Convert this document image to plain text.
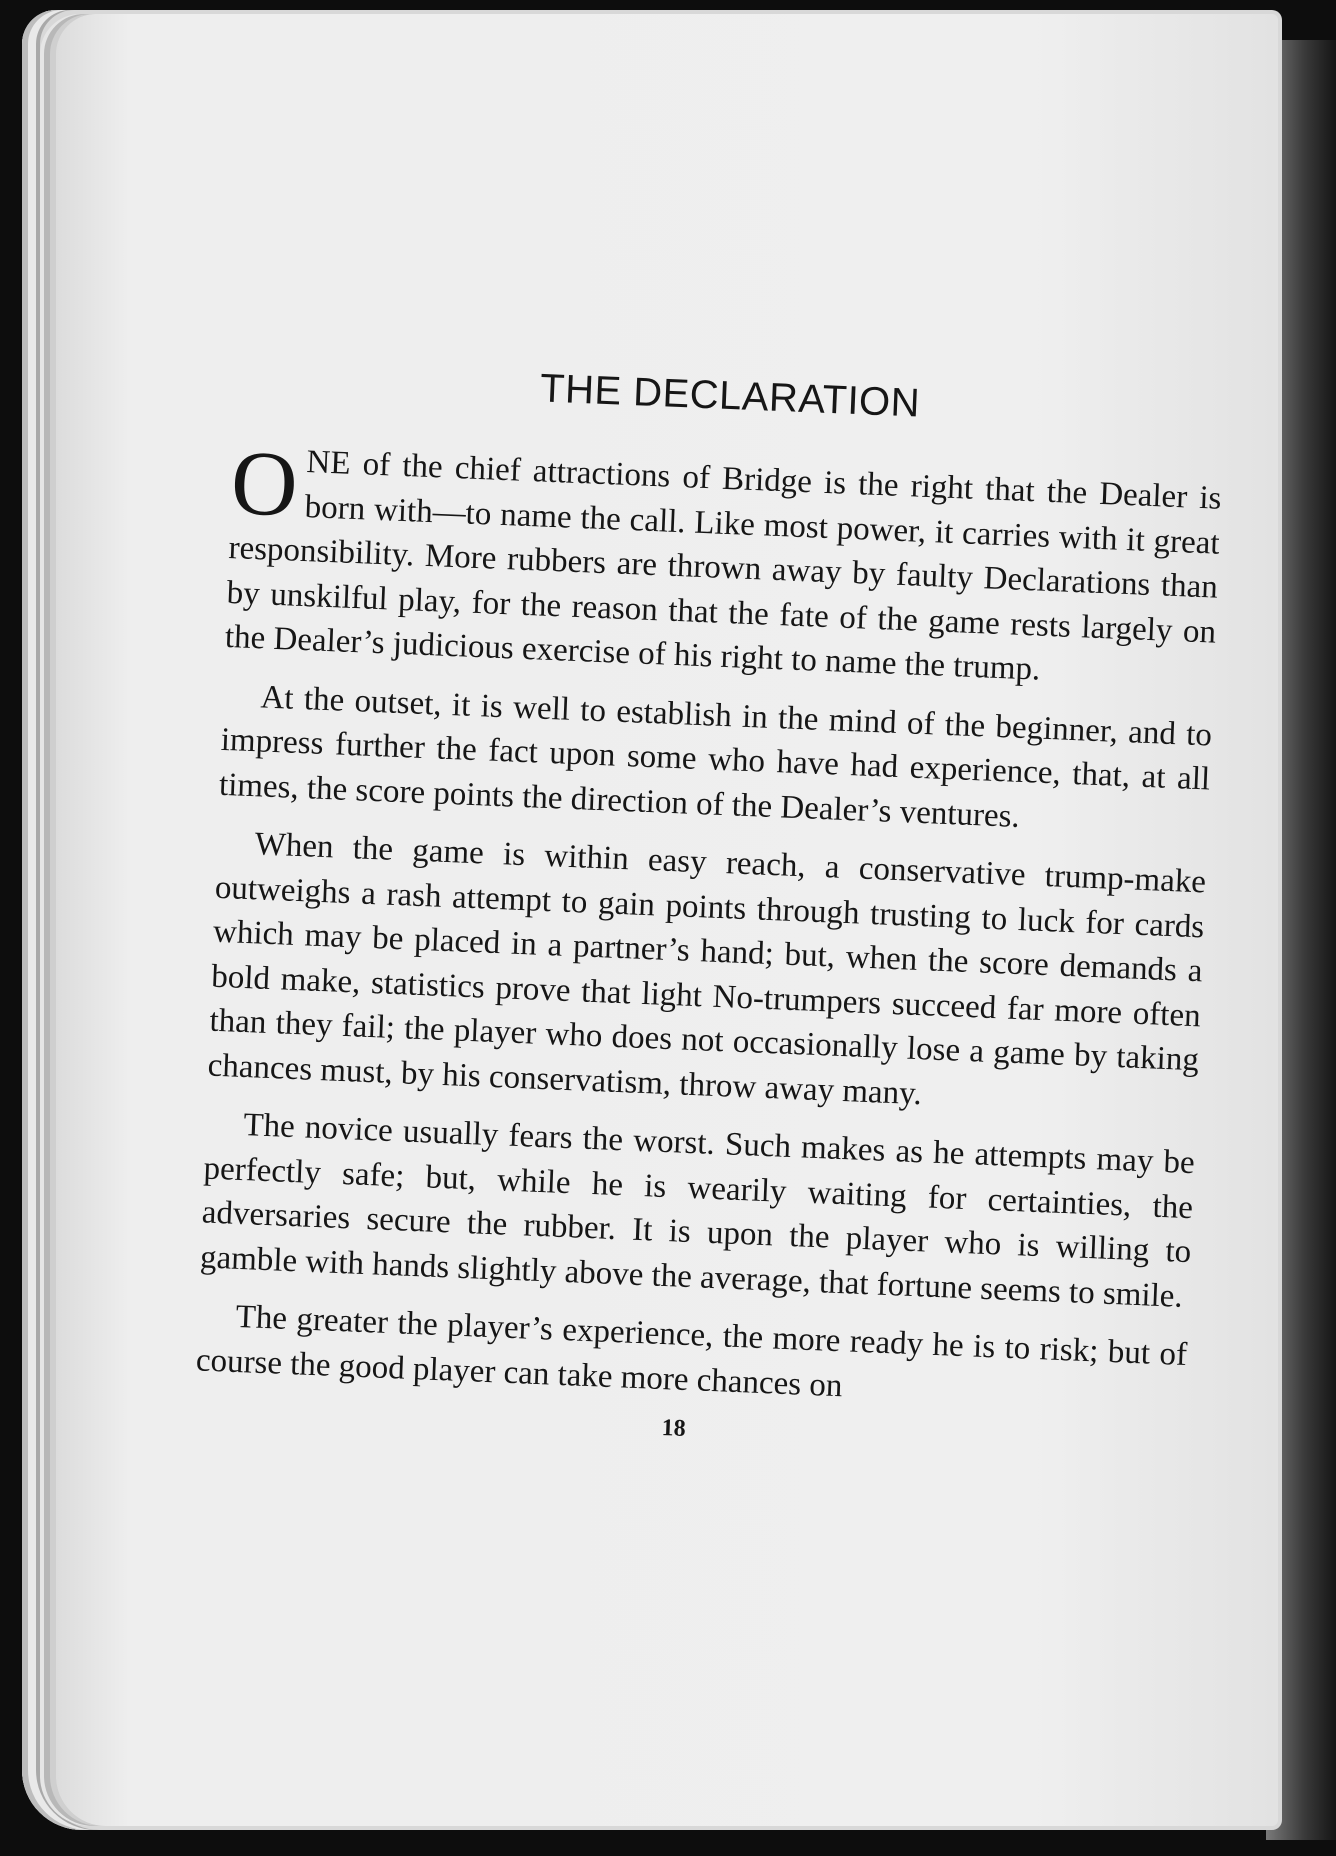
THE DECLARATION

ONE of the chief attractions of Bridge is the right that the Dealer is born with—to name the call. Like most power, it carries with it great responsibility. More rubbers are thrown away by faulty Declarations than by unskilful play, for the reason that the fate of the game rests largely on the Dealer’s judicious exercise of his right to name the trump.

At the outset, it is well to establish in the mind of the beginner, and to impress further the fact upon some who have had experience, that, at all times, the score points the direction of the Dealer’s ventures.

When the game is within easy reach, a conservative trump-make outweighs a rash attempt to gain points through trusting to luck for cards which may be placed in a partner’s hand; but, when the score demands a bold make, statistics prove that light No-trumpers succeed far more often than they fail; the player who does not occasionally lose a game by taking chances must, by his conservatism, throw away many.

The novice usually fears the worst. Such makes as he attempts may be perfectly safe; but, while he is wearily waiting for certainties, the adversaries secure the rubber. It is upon the player who is willing to gamble with hands slightly above the average, that fortune seems to smile.

The greater the player’s experience, the more ready he is to risk; but of course the good player can take more chances on

18
